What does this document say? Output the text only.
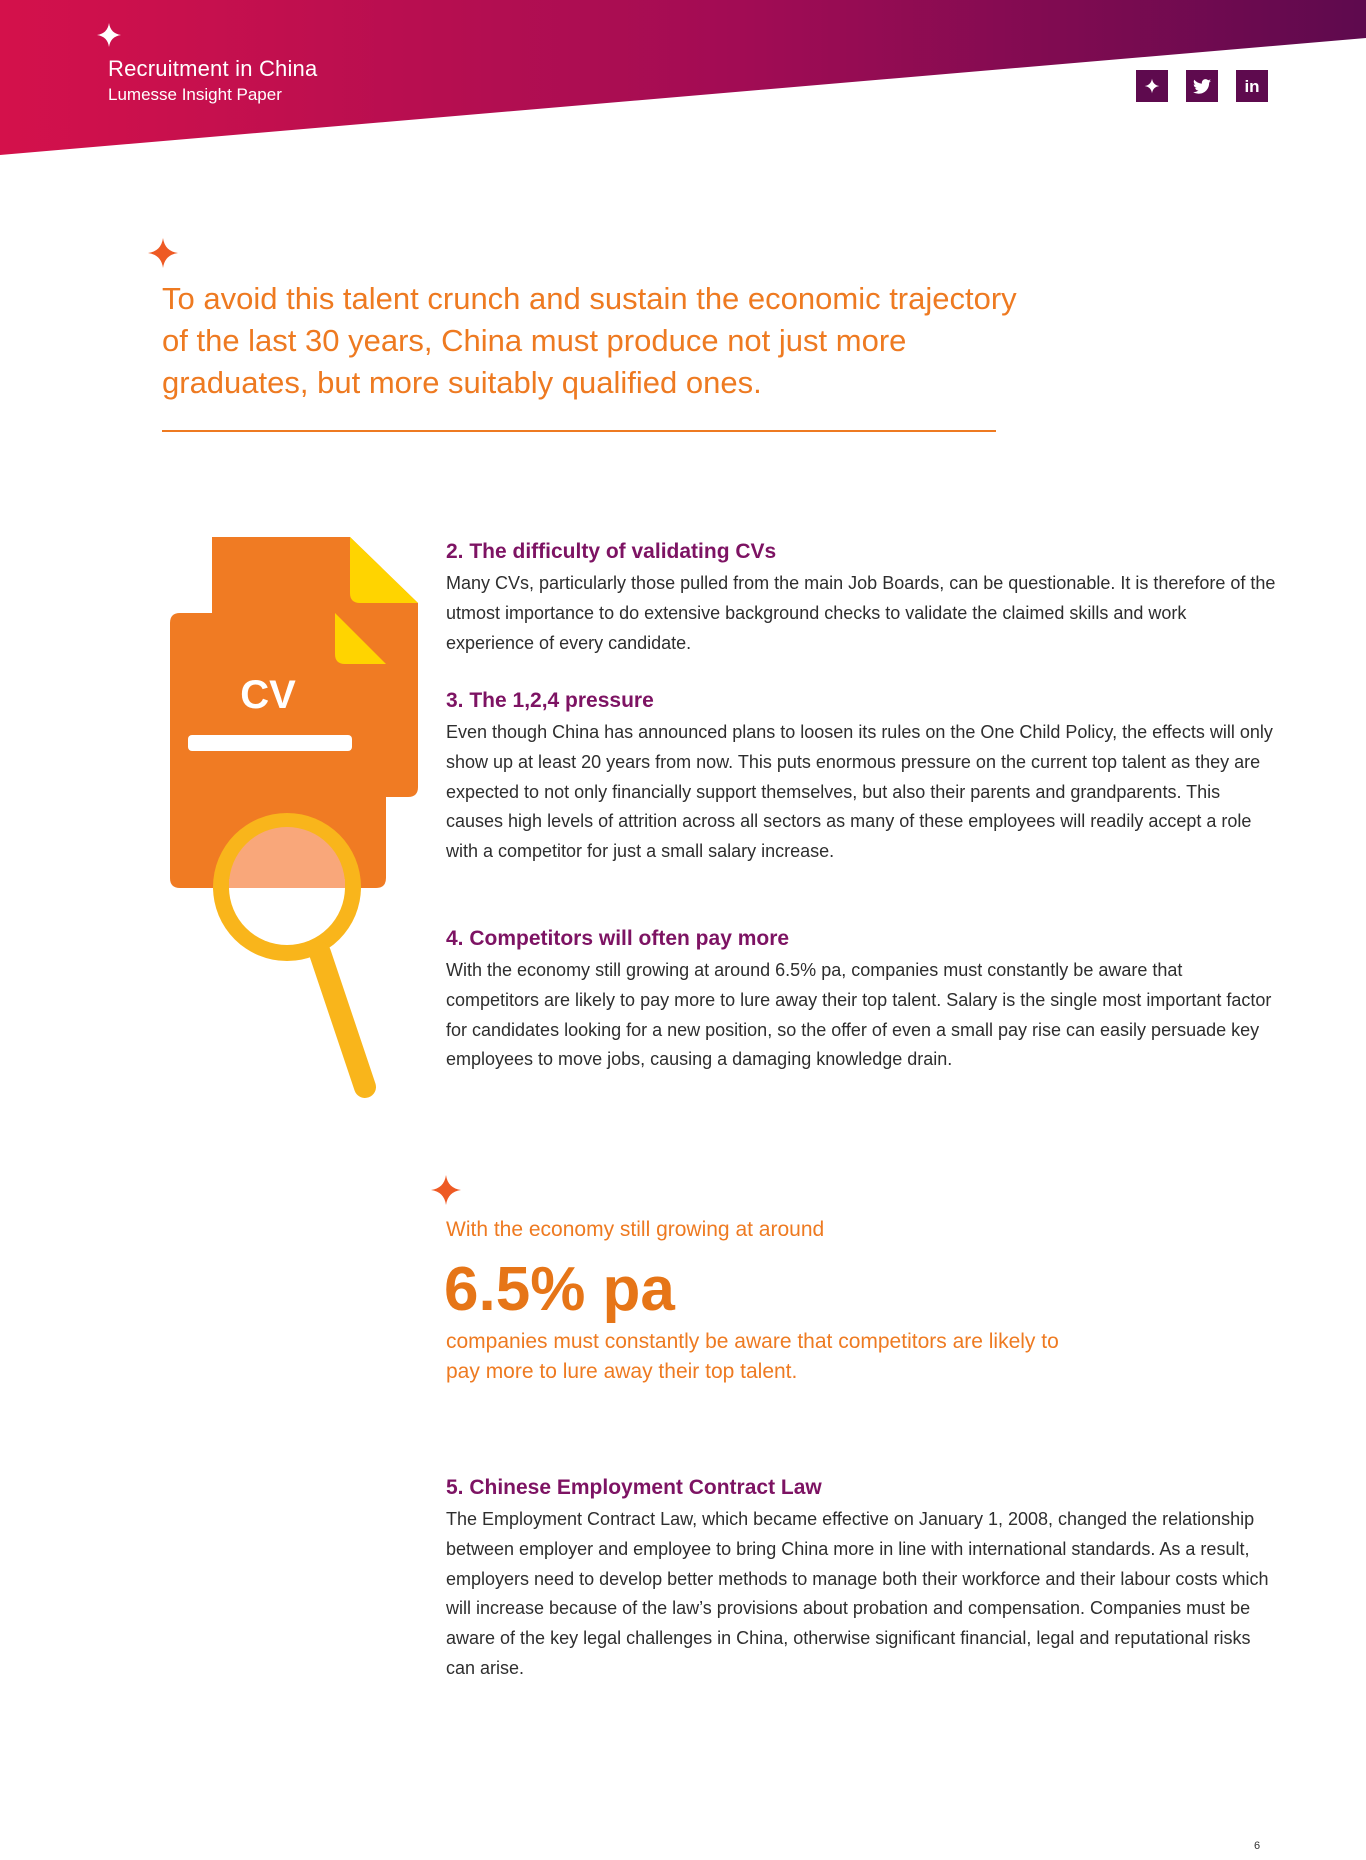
Recruitment in China
Lumesse Insight Paper	in
To avoid this talent crunch and sustain the economic trajectory of the last 30 years, China must produce not just more graduates, but more suitably qualified ones.
CV
2. The difficulty of validating CVs

Many CVs, particularly those pulled from the main Job Boards, can be questionable. It is therefore of the utmost importance to do extensive background checks to validate the claimed skills and work experience of every candidate.

3. The 1,2,4 pressure

Even though China has announced plans to loosen its rules on the One Child Policy, the effects will only show up at least 20 years from now. This puts enormous pressure on the current top talent as they are expected to not only financially support themselves, but also their parents and grandparents. This causes high levels of attrition across all sectors as many of these employees will readily accept a role with a competitor for just a small salary increase.

4. Competitors will often pay more

With the economy still growing at around 6.5% pa, companies must constantly be aware that competitors are likely to pay more to lure away their top talent. Salary is the single most important factor for candidates looking for a new position, so the offer of even a small pay rise can easily persuade key employees to move jobs, causing a damaging knowledge drain.

With the economy still growing at around
6.5% pa
companies must constantly be aware that competitors are likely to pay more to lure away their top talent.
5. Chinese Employment Contract Law

The Employment Contract Law, which became effective on January 1, 2008, changed the relationship between employer and employee to bring China more in line with international standards. As a result, employers need to develop better methods to manage both their workforce and their labour costs which will increase because of the law’s provisions about probation and compensation. Companies must be aware of the key legal challenges in China, otherwise significant financial, legal and reputational risks can arise.

6
